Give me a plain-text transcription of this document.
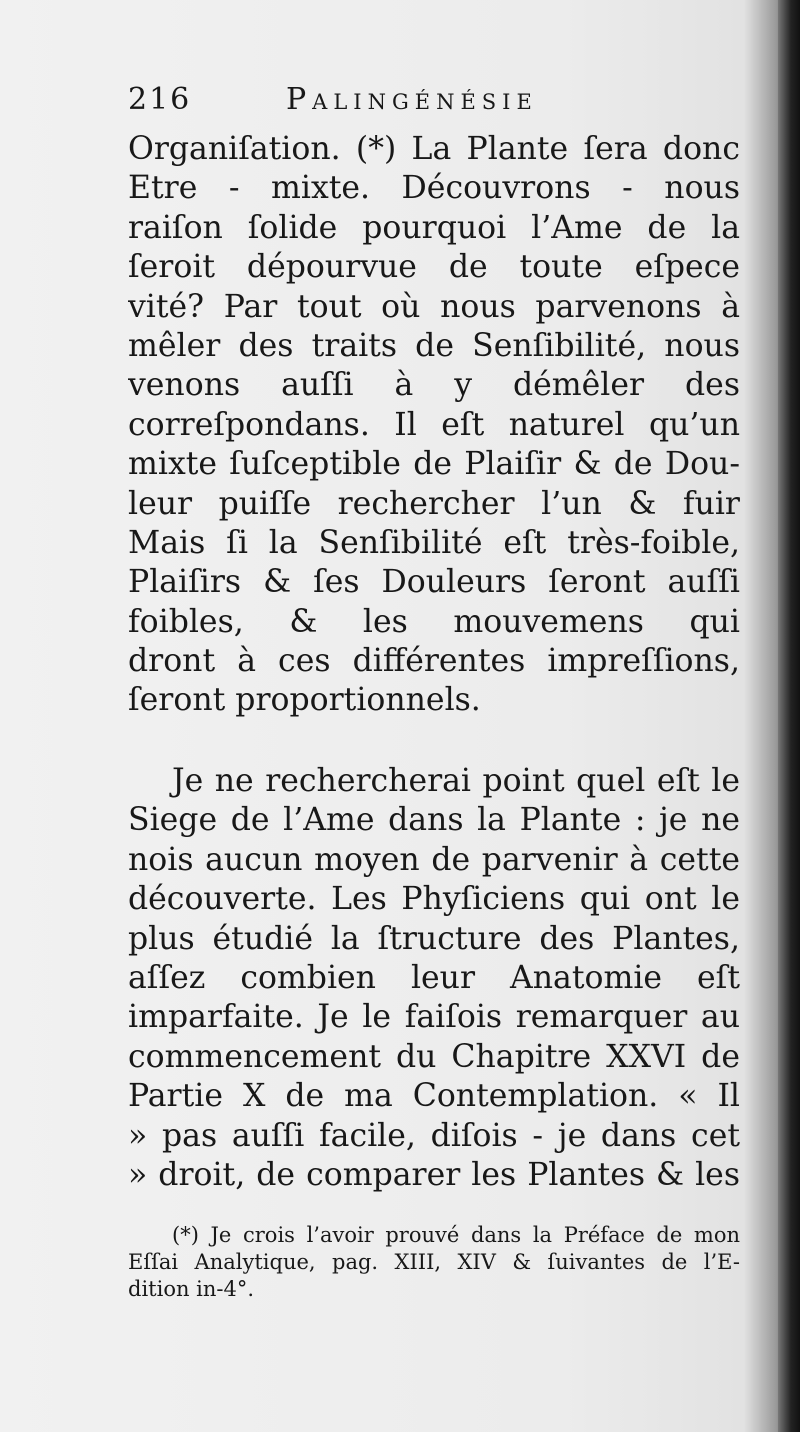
216	Palingénésie
Organiſation. (*) La Plante ſera donc
Etre - mixte. Découvrons - nous
raiſon ſolide pourquoi l’Ame de la
ſeroit dépourvue de toute eſpece
vité? Par tout où nous parvenons à
mêler des traits de Senſibilité, nous
venons auſſi à y démêler des
correſpondans. Il eſt naturel qu’un
mixte ſuſceptible de Plaiſir & de Dou-
leur puiſſe rechercher l’un & fuir
Mais ſi la Senſibilité eſt très-foible,
Plaiſirs & ſes Douleurs ſeront auſſi
foibles, & les mouvemens qui
dront à ces différentes impreſſions,
ſeront proportionnels.
Je ne rechercherai point quel eſt le
Siege de l’Ame dans la Plante : je ne
nois aucun moyen de parvenir à cette
découverte. Les Phyſiciens qui ont le
plus étudié la ſtructure des Plantes,
aſſez combien leur Anatomie eſt
imparfaite. Je le faiſois remarquer au
commencement du Chapitre XXVI de
Partie X de ma Contemplation. « Il
» pas auſſi facile, diſois - je dans cet
» droit, de comparer les Plantes & les
(*) Je crois l’avoir prouvé dans la Préface de mon
Eſſai Analytique, pag. XIII, XIV & ſuivantes de l’E-
dition in-4°.
